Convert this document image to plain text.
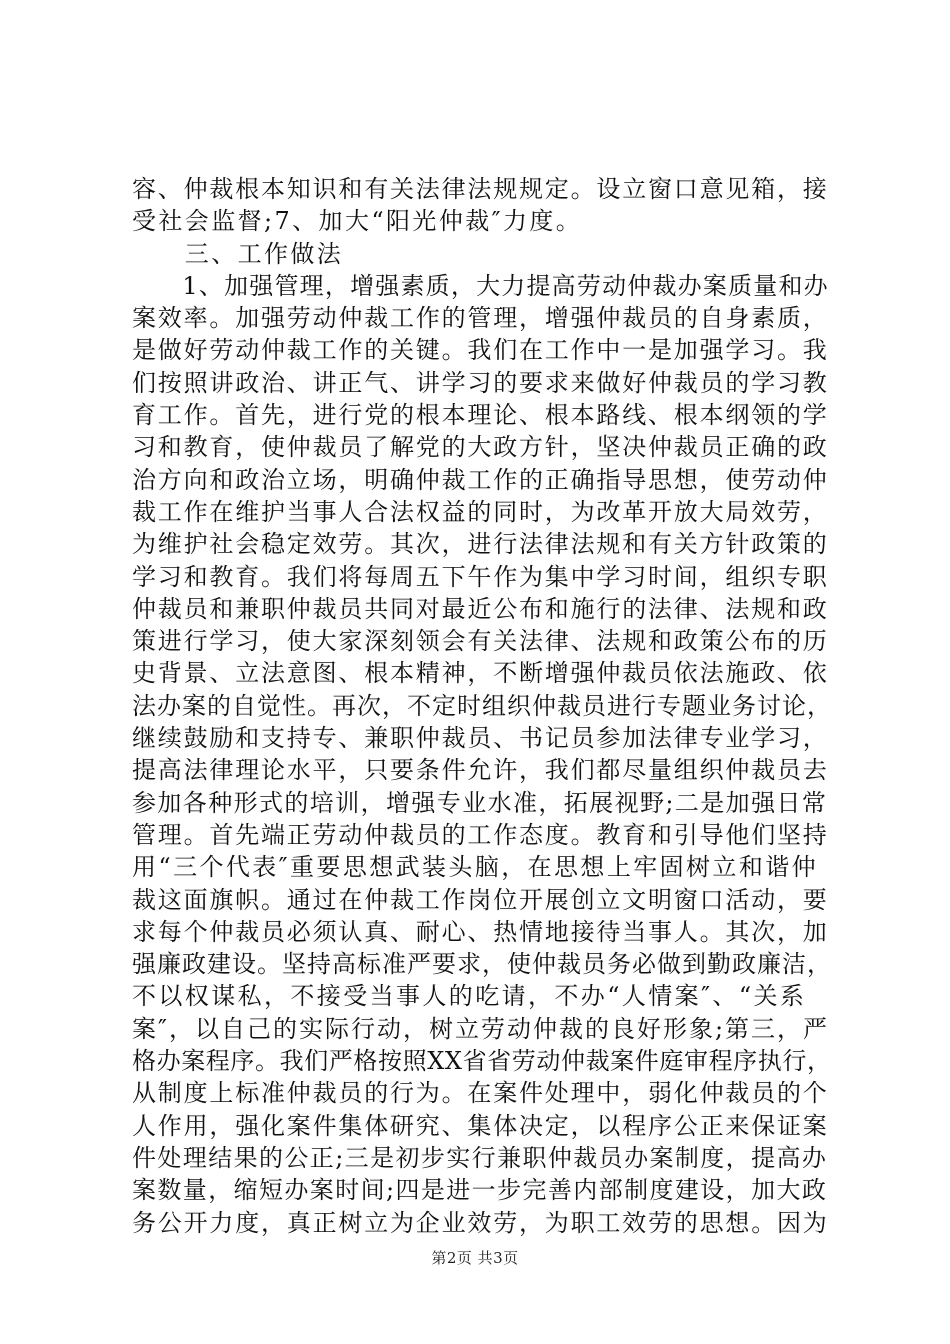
容、仲裁根本知识和有关法律法规规定。设立窗口意见箱，接
受社会监督;7、加大“阳光仲裁″力度。
　　三、工作做法
　　1、加强管理，增强素质，大力提高劳动仲裁办案质量和办
案效率。加强劳动仲裁工作的管理，增强仲裁员的自身素质，
是做好劳动仲裁工作的关键。我们在工作中一是加强学习。我
们按照讲政治、讲正气、讲学习的要求来做好仲裁员的学习教
育工作。首先，进行党的根本理论、根本路线、根本纲领的学
习和教育，使仲裁员了解党的大政方针，坚决仲裁员正确的政
治方向和政治立场，明确仲裁工作的正确指导思想，使劳动仲
裁工作在维护当事人合法权益的同时，为改革开放大局效劳，
为维护社会稳定效劳。其次，进行法律法规和有关方针政策的
学习和教育。我们将每周五下午作为集中学习时间，组织专职
仲裁员和兼职仲裁员共同对最近公布和施行的法律、法规和政
策进行学习，使大家深刻领会有关法律、法规和政策公布的历
史背景、立法意图、根本精神，不断增强仲裁员依法施政、依
法办案的自觉性。再次，不定时组织仲裁员进行专题业务讨论，
继续鼓励和支持专、兼职仲裁员、书记员参加法律专业学习，
提高法律理论水平，只要条件允许，我们都尽量组织仲裁员去
参加各种形式的培训，增强专业水准，拓展视野;二是加强日常
管理。首先端正劳动仲裁员的工作态度。教育和引导他们坚持
用“三个代表″重要思想武装头脑，在思想上牢固树立和谐仲
裁这面旗帜。通过在仲裁工作岗位开展创立文明窗口活动，要
求每个仲裁员必须认真、耐心、热情地接待当事人。其次，加
强廉政建设。坚持高标准严要求，使仲裁员务必做到勤政廉洁，
不以权谋私，不接受当事人的吃请，不办“人情案″、“关系
案″，以自己的实际行动，树立劳动仲裁的良好形象;第三，严
格办案程序。我们严格按照XX省省劳动仲裁案件庭审程序执行，
从制度上标准仲裁员的行为。在案件处理中，弱化仲裁员的个
人作用，强化案件集体研究、集体决定，以程序公正来保证案
件处理结果的公正;三是初步实行兼职仲裁员办案制度，提高办
案数量，缩短办案时间;四是进一步完善内部制度建设，加大政
务公开力度，真正树立为企业效劳，为职工效劳的思想。因为
第2页 共3页
